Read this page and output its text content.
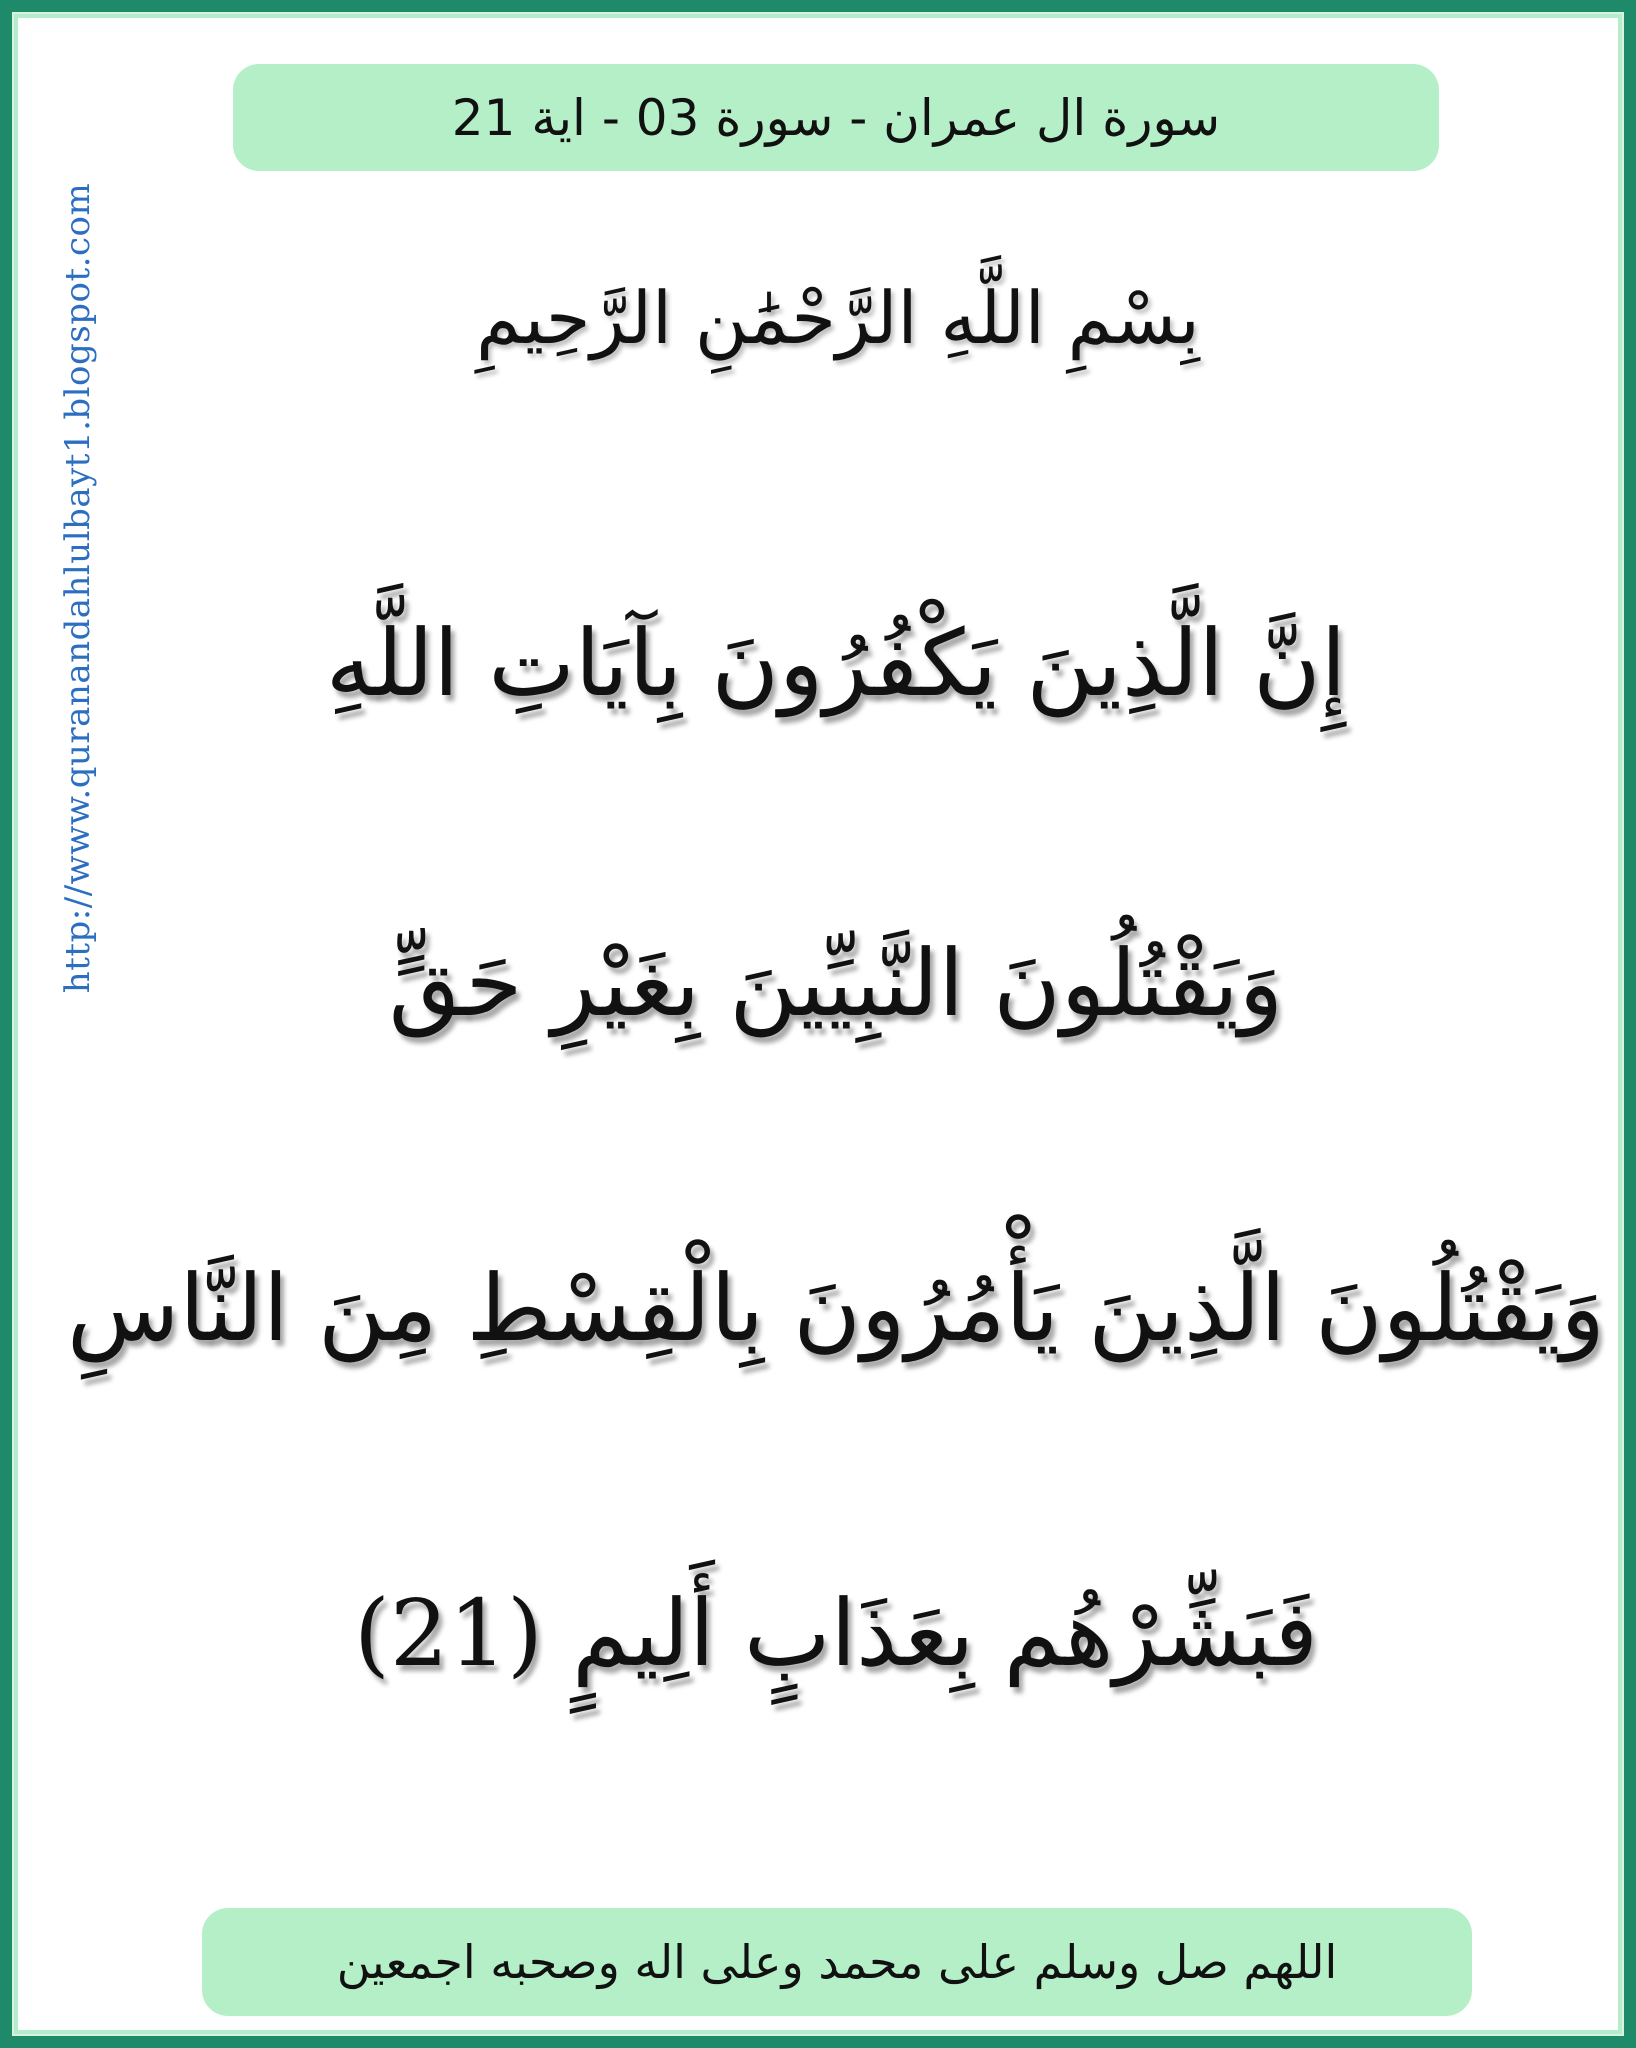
سورة ال عمران - سورة 03 - اية 21
http://www.quranandahlulbayt1.blogspot.com	بِسْمِ اللَّهِ الرَّحْمَٰنِ الرَّحِيمِ
إِنَّ الَّذِينَ يَكْفُرُونَ بِآيَاتِ اللَّهِ
وَيَقْتُلُونَ النَّبِيِّينَ بِغَيْرِ حَقٍّ
وَيَقْتُلُونَ الَّذِينَ يَأْمُرُونَ بِالْقِسْطِ مِنَ النَّاسِ
فَبَشِّرْهُم بِعَذَابٍ أَلِيمٍ (21)
اللهم صل وسلم على محمد وعلى اله وصحبه اجمعين
